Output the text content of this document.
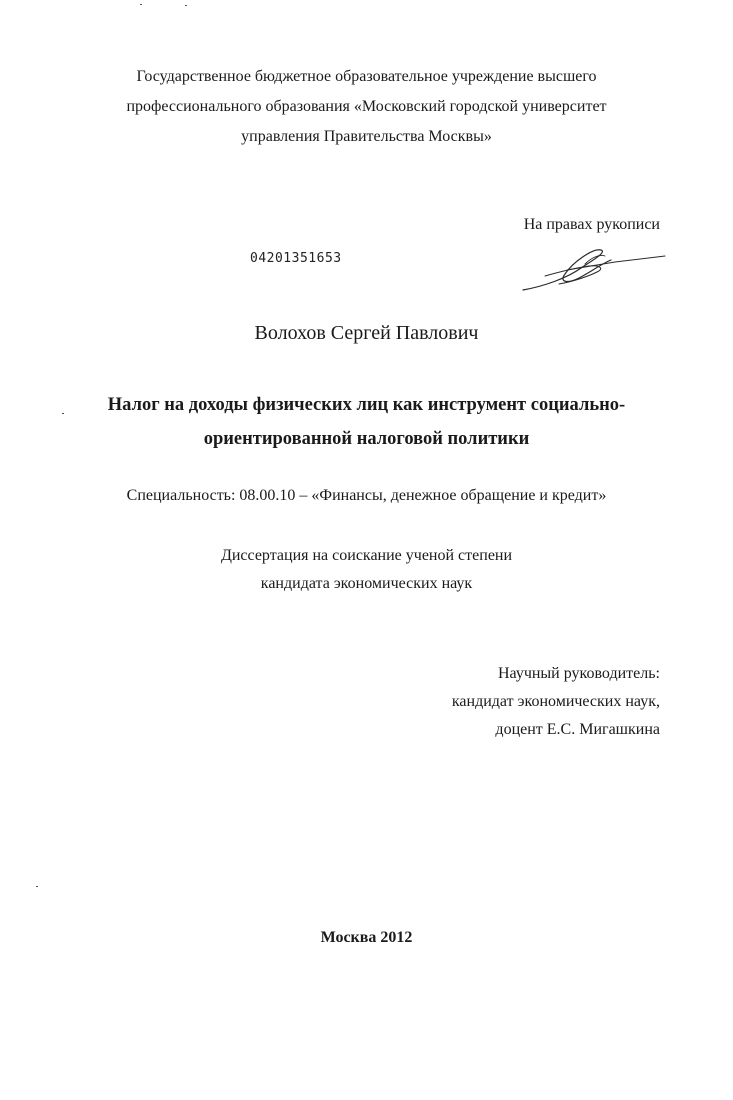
Государственное бюджетное образовательное учреждение высшего
профессионального образования «Московский городской университет
управления Правительства Москвы»
На правах рукописи
04201351653
Волохов Сергей Павлович
Налог на доходы физических лиц как инструмент социально-
ориентированной налоговой политики
Специальность: 08.00.10 – «Финансы, денежное обращение и кредит»
Диссертация на соискание ученой степени
кандидата экономических наук
Научный руководитель:
кандидат экономических наук,
доцент Е.С. Мигашкина
Москва 2012
